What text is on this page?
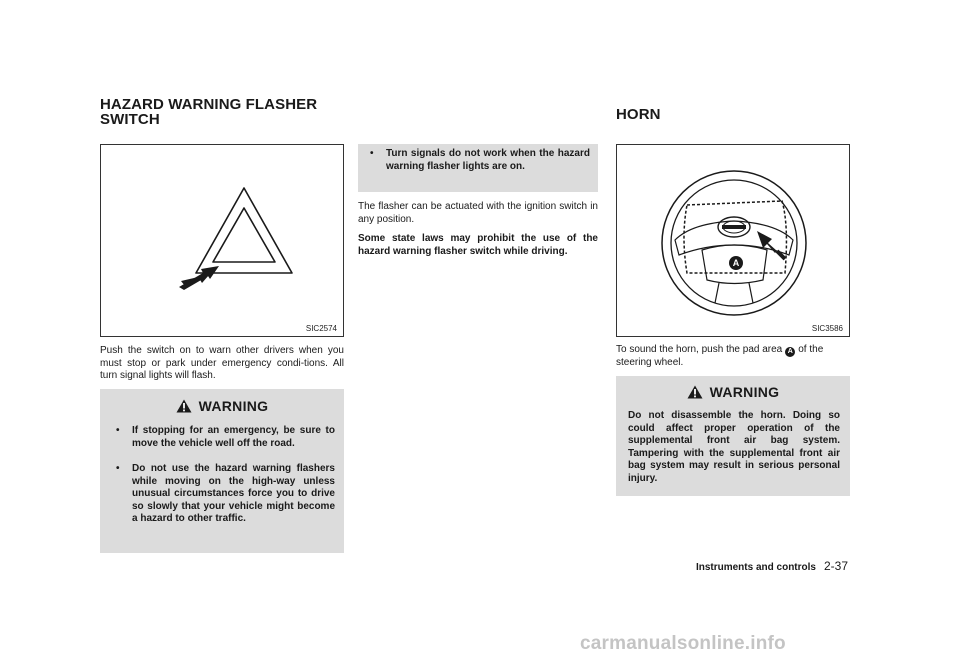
HAZARD WARNING FLASHER
SWITCH
SIC2574

Push the switch on to warn other drivers when you must stop or park under emergency condi-tions. All turn signal lights will flash.

WARNING
• If stopping for an emergency, be sure to move the vehicle well off the road.
• Do not use the hazard warning flashers while moving on the high-way unless unusual circumstances force you to drive so slowly that your vehicle might become a hazard to other traffic.
• Turn signals do not work when the hazard warning flasher lights are on.

The flasher can be actuated with the ignition switch in any position.

Some state laws may prohibit the use of the hazard warning flasher switch while driving.

HORN
A
SIC3586

To sound the horn, push the pad area A of the steering wheel.

WARNING
Do not disassemble the horn. Doing so could affect proper operation of the supplemental front air bag system. Tampering with the supplemental front air bag system may result in serious personal injury.
Instruments and controls 2-37
carmanualsonline.info
